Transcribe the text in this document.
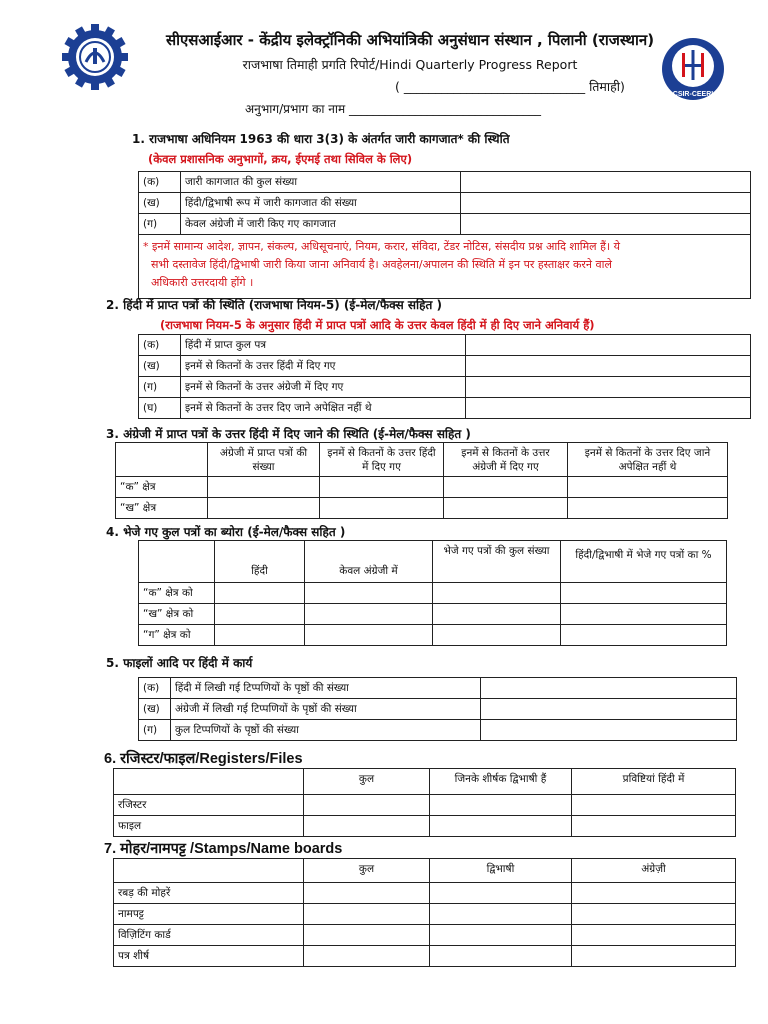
CSIR-CEERI
सीएसआईआर - केंद्रीय इलेक्ट्रॉनिकी अभियांत्रिकी अनुसंधान संस्थान , पिलानी (राजस्थान)
राजभाषा तिमाही प्रगति रिपोर्ट/Hindi Quarterly Progress Report
( _____________________________ तिमाही)
अनुभाग/प्रभाग का नाम ________________________________
1. राजभाषा अधिनियम 1963 की धारा 3(3) के अंतर्गत जारी कागजात* की स्थिति
(केवल प्रशासनिक अनुभागों, क्रय, ईएमई तथा सिविल के लिए)
(क)	जारी कागजात की कुल संख्या	
(ख)	हिंदी/द्विभाषी रूप में जारी कागजात की संख्या	
(ग)	केवल अंग्रेजी में जारी किए गए कागजात	

* इनमें सामान्य आदेश, ज्ञापन, संकल्प, अधिसूचनाएं, नियम, करार, संविदा, टेंडर नोटिस, संसदीय प्रश्न आदि शामिल हैं। ये
सभी दस्तावेज हिंदी/द्विभाषी जारी किया जाना अनिवार्य है। अवहेलना/अपालन की स्थिति में इन पर हस्ताक्षर करने वाले
अधिकारी उत्तरदायी होंगे ।		
2. हिंदी में प्राप्त पत्रों की स्थिति (राजभाषा नियम-5) (ई-मेल/फैक्स सहित )
(राजभाषा नियम-5 के अनुसार हिंदी में प्राप्त पत्रों आदि के उत्तर केवल हिंदी में ही दिए जाने अनिवार्य हैं)
(क)	हिंदी में प्राप्त कुल पत्र	
(ख)	इनमें से कितनों के उत्तर हिंदी में दिए गए	
(ग)	इनमें से कितनों के उत्तर अंग्रेजी में दिए गए	
(घ)	इनमें से कितनों के उत्तर दिए जाने अपेक्षित नहीं थे	
3. अंग्रेजी में प्राप्त पत्रों के उत्तर हिंदी में दिए जाने की स्थिति (ई-मेल/फैक्स सहित )
	अंग्रेजी में प्राप्त पत्रों की संख्या	इनमें से कितनों के उत्तर हिंदी में दिए गए	इनमें से कितनों के उत्तर अंग्रेजी में दिए गए	इनमें से कितनों के उत्तर दिए जाने अपेक्षित नहीं थे
“क” क्षेत्र				
“ख” क्षेत्र				
4. भेजे गए कुल पत्रों का ब्योरा (ई-मेल/फैक्स सहित )
	हिंदी	केवल अंग्रेजी में	भेजे गए पत्रों की कुल संख्या	हिंदी/द्विभाषी में भेजे गए पत्रों का %
“क” क्षेत्र को				
“ख” क्षेत्र को				
“ग” क्षेत्र को				
5. फाइलों आदि पर हिंदी में कार्य
(क)	हिंदी में लिखी गई टिप्पणियों के पृष्ठों की संख्या	
(ख)	अंग्रेजी में लिखी गई टिप्पणियों के पृष्ठों की संख्या	
(ग)	कुल टिप्पणियों के पृष्ठों की संख्या	
6. रजिस्टर/फाइल/Registers/Files
	कुल	जिनके शीर्षक द्विभाषी हैं	प्रविष्टियां हिंदी में
रजिस्टर			
फाइल			
7. मोहर/नामपट्ट /Stamps/Name boards
	कुल	द्विभाषी	अंग्रेज़ी
रबड़ की मोहरें			
नामपट्ट			
विज़िटिंग कार्ड			
पत्र शीर्ष			
